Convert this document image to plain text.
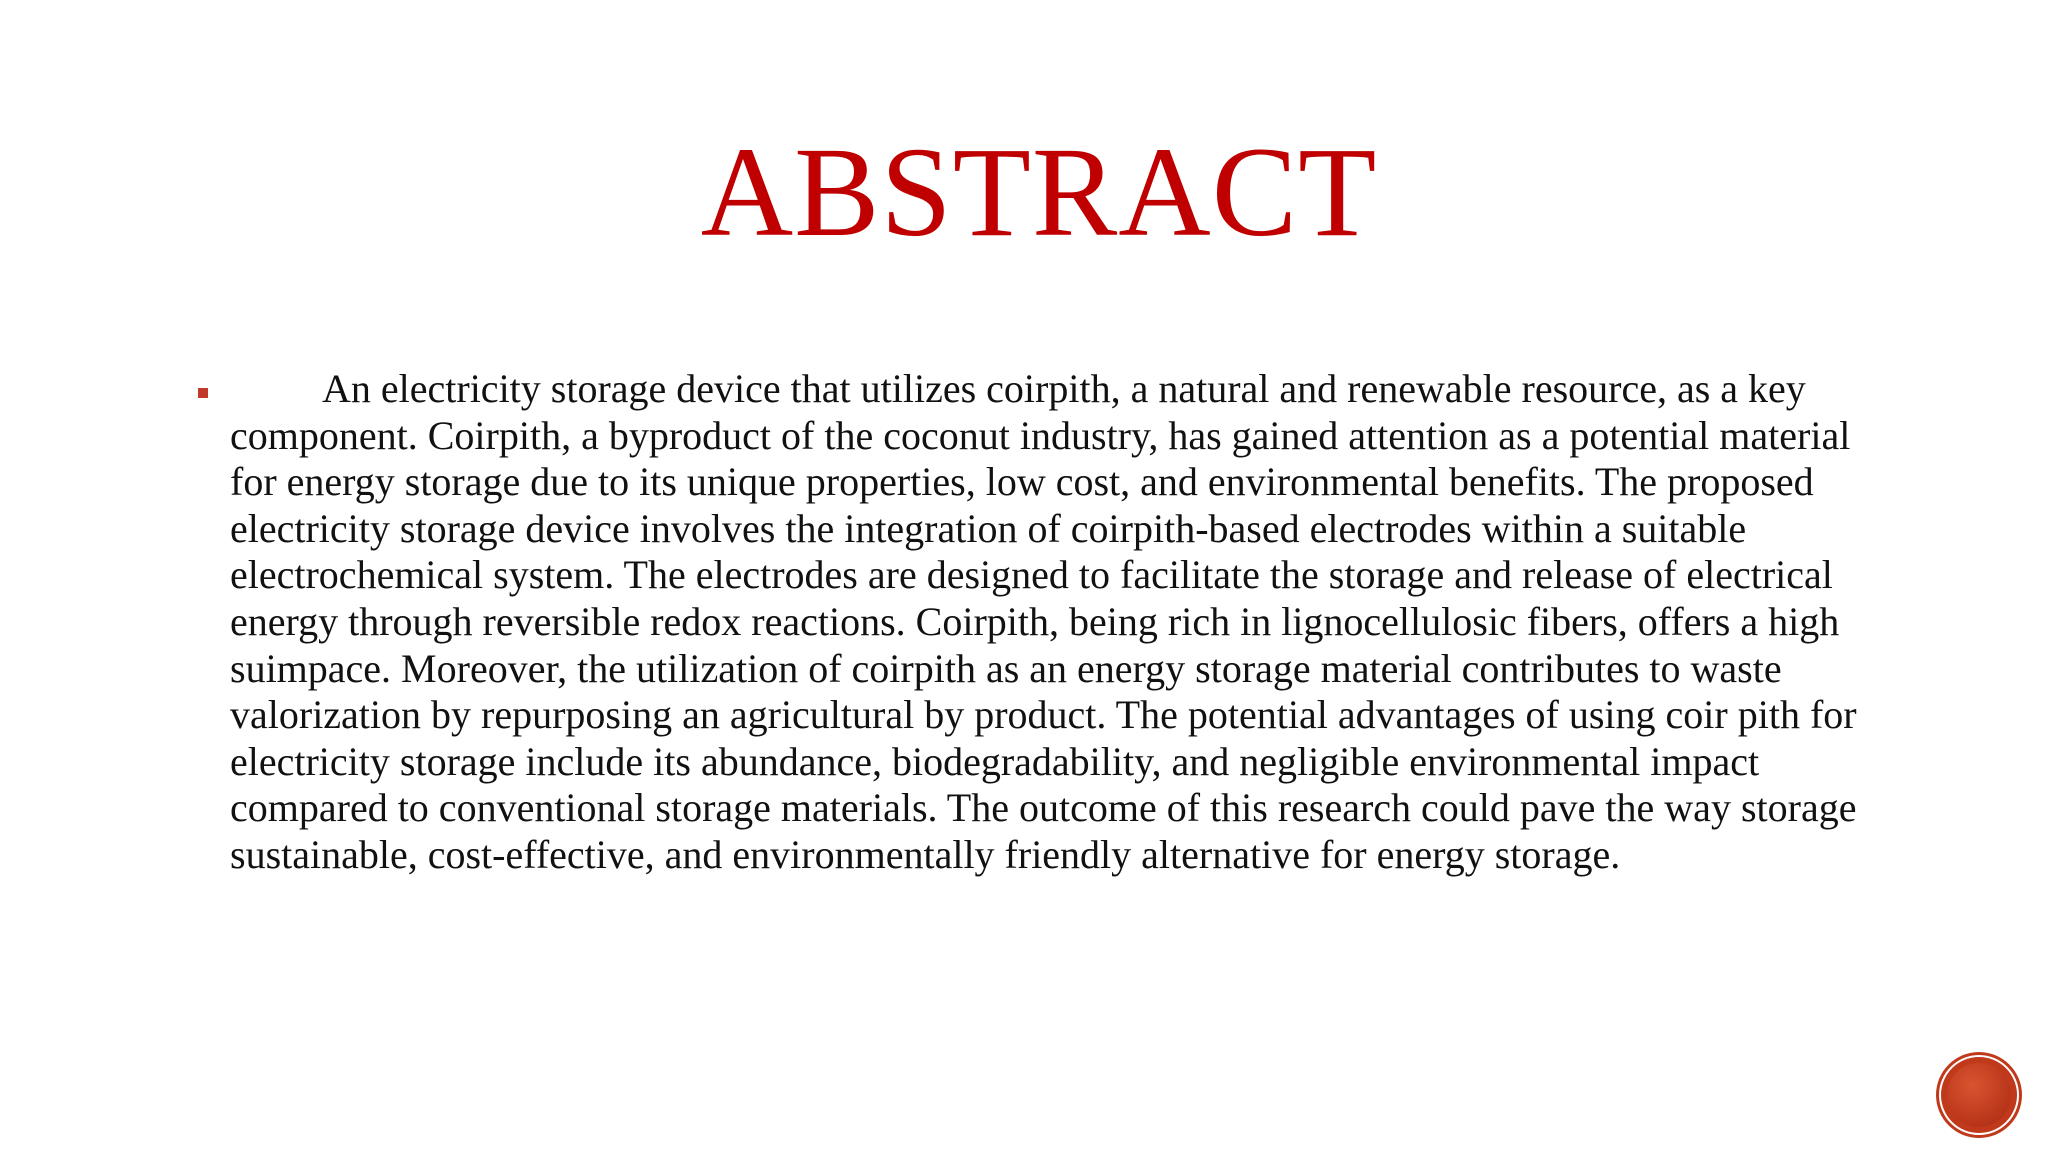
ABSTRACT

An electricity storage device that utilizes coirpith, a natural and renewable resource, as a key component. Coirpith, a byproduct of the coconut industry, has gained attention as a potential material for energy storage due to its unique properties, low cost, and environmental benefits. The proposed electricity storage device involves the integration of coirpith-based electrodes within a suitable electrochemical system. The electrodes are designed to facilitate the storage and release of electrical energy through reversible redox reactions. Coirpith, being rich in lignocellulosic fibers, offers a high suimpace. Moreover, the utilization of coirpith as an energy storage material contributes to waste valorization by repurposing an agricultural by product. The potential advantages of using coir pith for electricity storage include its abundance, biodegradability, and negligible environmental impact compared to conventional storage materials. The outcome of this research could pave the way storage sustainable, cost-effective, and environmentally friendly alternative for energy storage.
